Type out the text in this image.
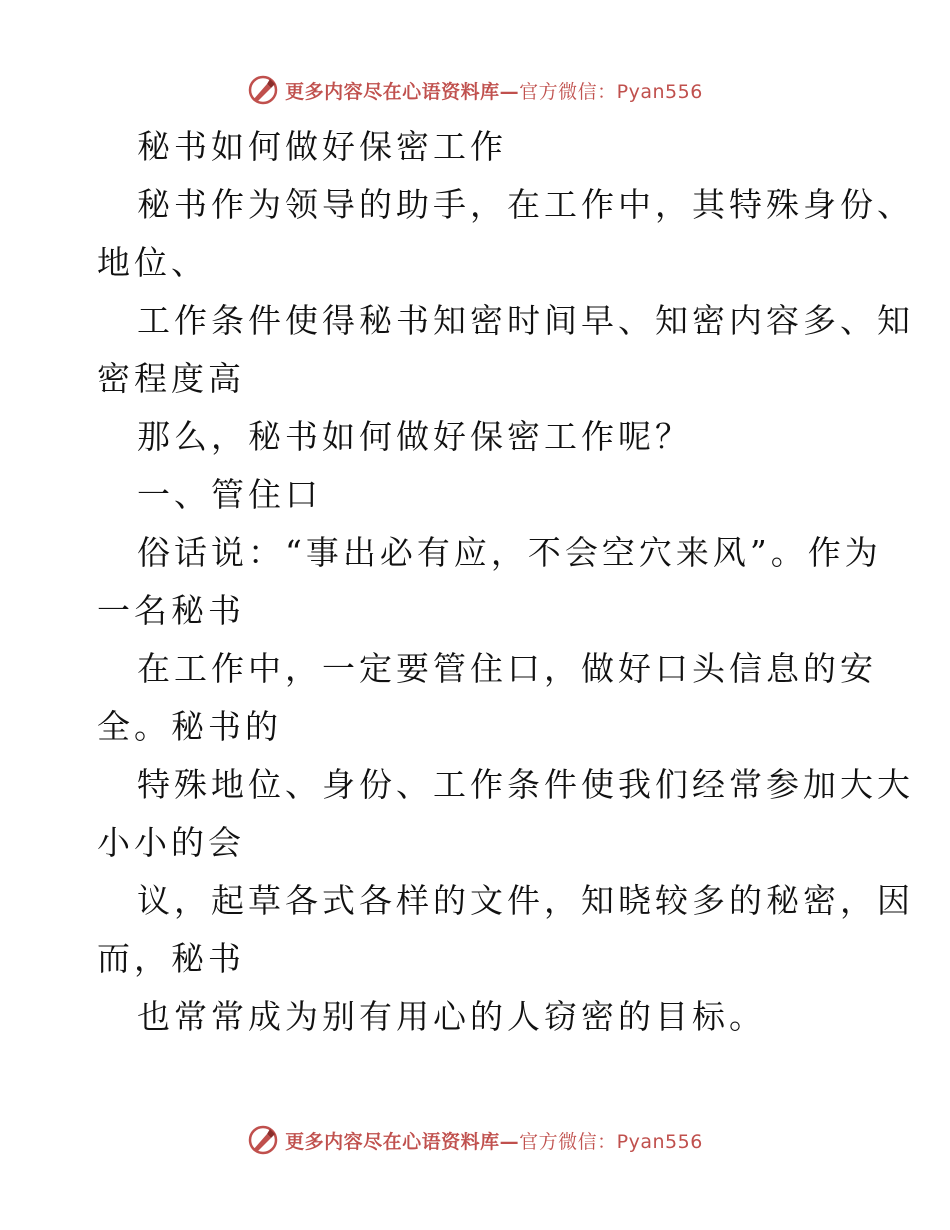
更多内容尽在心语资料库—官方微信：Pyan556
秘书如何做好保密工作
秘书作为领导的助手，在工作中，其特殊身份、
地位、
工作条件使得秘书知密时间早、知密内容多、知
密程度高
那么，秘书如何做好保密工作呢？
一、管住口
俗话说：“事出必有应，不会空穴来风”。作为
一名秘书
在工作中，一定要管住口，做好口头信息的安
全。秘书的
特殊地位、身份、工作条件使我们经常参加大大
小小的会
议，起草各式各样的文件，知晓较多的秘密，因
而，秘书
也常常成为别有用心的人窃密的目标。
更多内容尽在心语资料库—官方微信：Pyan556
